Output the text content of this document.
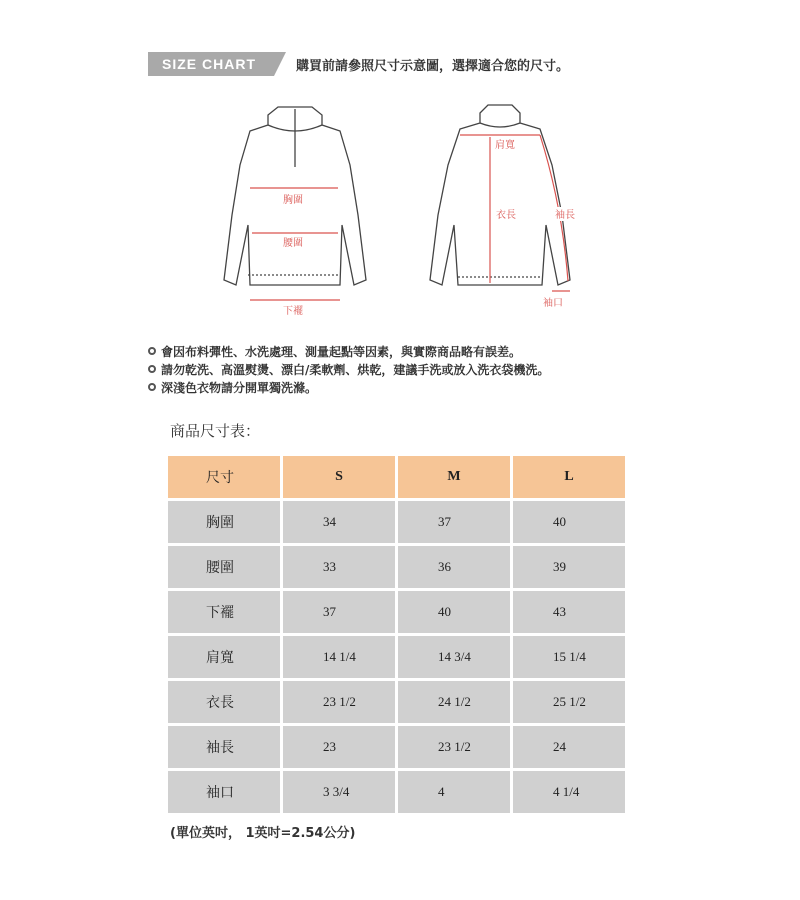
SIZE CHART	購買前請參照尺寸示意圖，選擇適合您的尺寸。
胸圍
腰圍
下襬
肩寬
衣長	袖長
袖口
會因布料彈性、水洗處理、測量起點等因素，與實際商品略有誤差。
請勿乾洗、高溫熨燙、漂白/柔軟劑、烘乾，建議手洗或放入洗衣袋機洗。
深淺色衣物請分開單獨洗滌。
商品尺寸表：
尺寸	S	M	L
胸圍	34	37	40
腰圍	33	36	39
下襬	37	40	43
肩寬	14 1/4	14 3/4	15 1/4
衣長	23 1/2	24 1/2	25 1/2
袖長	23	23 1/2	24
袖口	3 3/4	4	4 1/4
(單位英吋， 1英吋=2.54公分)
